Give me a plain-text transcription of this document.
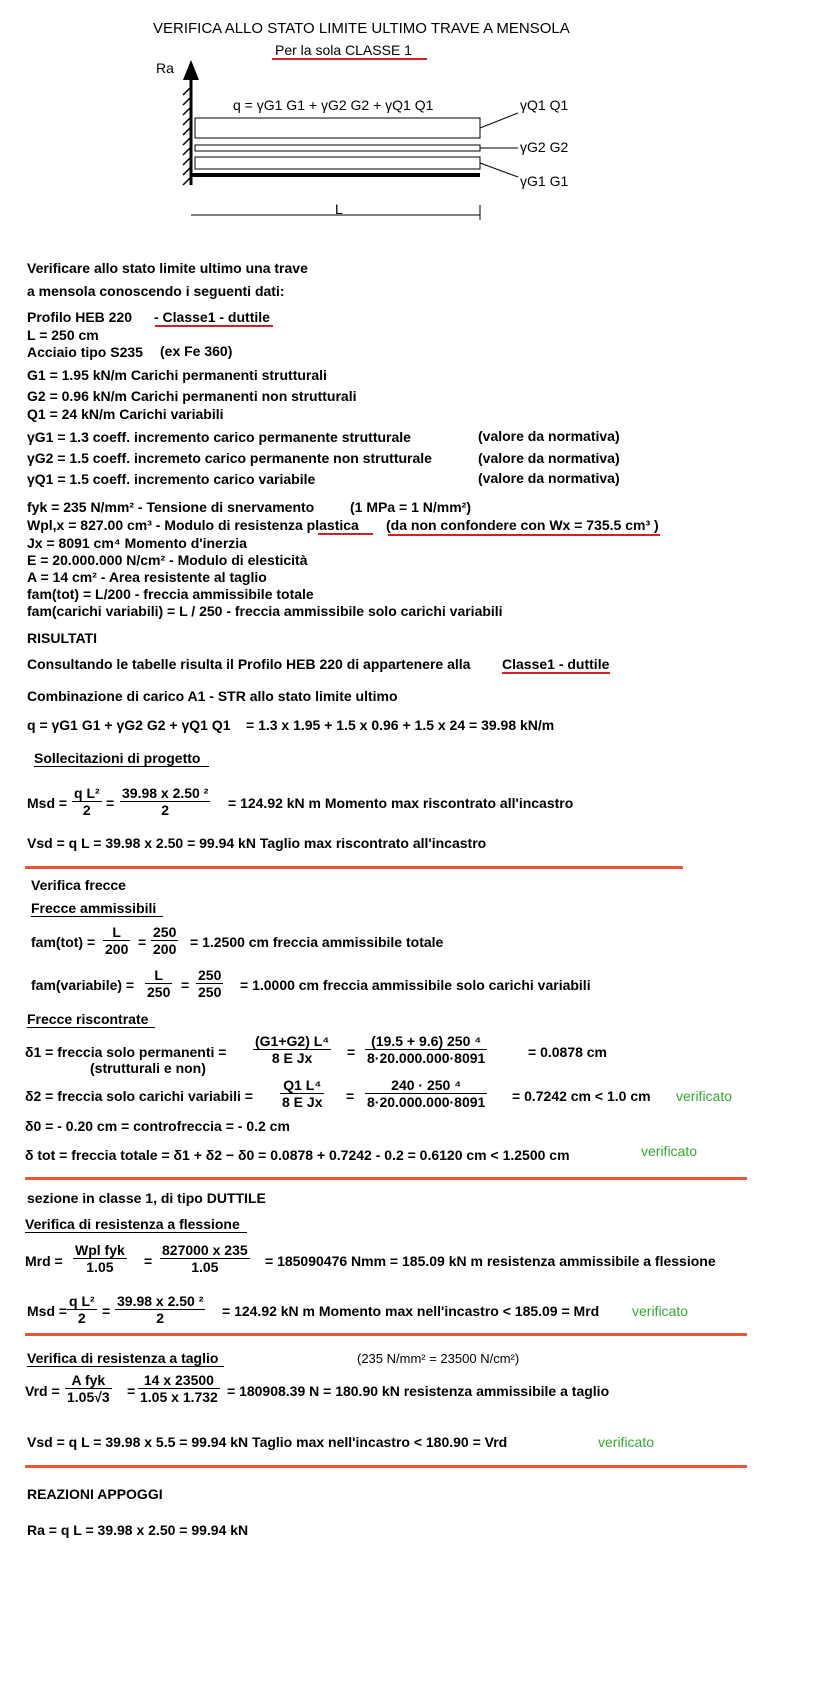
VERIFICA ALLO STATO LIMITE ULTIMO TRAVE A MENSOLA
Per la sola CLASSE 1
Ra
q = γG1 G1 + γG2 G2 + γQ1 Q1	γQ1 Q1
γG2 G2
γG1 G1
L
Verificare allo stato limite ultimo una trave
a mensola conoscendo i seguenti dati:
Profilo HEB 220 - Classe1 - duttile
L = 250 cm
Acciaio tipo S235 (ex Fe 360)
G1 = 1.95 kN/m Carichi permanenti strutturali
G2 = 0.96 kN/m Carichi permanenti non strutturali
Q1 = 24 kN/m Carichi variabili
γG1 = 1.3 coeff. incremento carico permanente strutturale	(valore da normativa)
γG2 = 1.5 coeff. incremeto carico permanente non strutturale	(valore da normativa)
γQ1 = 1.5 coeff. incremento carico variabile	(valore da normativa)
fyk = 235 N/mm² - Tensione di snervamento	(1 MPa = 1 N/mm²)
Wpl,x = 827.00 cm³ - Modulo di resistenza plastica (da non confondere con Wx = 735.5 cm³ )
Jx = 8091 cm⁴ Momento d'inerzia
E = 20.000.000 N/cm² - Modulo di elesticità
A = 14 cm² - Area resistente al taglio
fam(tot) = L/200 - freccia ammissibile totale
fam(carichi variabili) = L / 250 - freccia ammissibile solo carichi variabili
RISULTATI
Consultando le tabelle risulta il Profilo HEB 220 di appartenere alla Classe1 - duttile
Combinazione di carico A1 - STR allo stato limite ultimo
q = γG1 G1 + γG2 G2 + γQ1 Q1 = 1.3 x 1.95 + 1.5 x 0.96 + 1.5 x 24 = 39.98 kN/m
Sollecitazioni di progetto
Msd = $\frac{\text{q L²}}{2} = \frac{\text{39.98 x 2.50 ²}}{2} = 124.92$ kN m Momento max riscontrato all'incastro
Vsd = q L = 39.98 x 2.50 = 99.94 kN Taglio max riscontrato all'incastro
Verifica frecce
Frecce ammissibili
$fam(tot) = \frac{L}{200} = \frac{250}{200} = 1.2500$ cm freccia ammissibile totale
fam(variabile) = $\frac{L}{250} = \frac{250}{250} = 1.0000$ cm freccia ammissibile solo carichi variabili
Frecce riscontrate
δ1 = freccia solo permanenti =
(strutturali e non)
$\frac{\text{(G1+G2) L⁴}}{\text{8 E Jx}} = \frac{\text{(19.5 + 9.6) 250 ⁴}}{8\cdot 20.000.000\cdot 8091}$	= 0.0878 cm
δ2 = freccia solo carichi variabili = $\frac{\text{Q1 L⁴}}{\text{8 E Jx}} = \frac{\text{240 · 250 ⁴}}{8\cdot 20.000.000\cdot 8091} = 0.7242$ cm < 1.0 cm verificato
δ0 = - 0.20 cm = controfreccia = - 0.2 cm
δ tot = freccia totale = δ1 + δ2 − δ0 = 0.0878 + 0.7242 - 0.2 = 0.6120 cm < 1.2500 cm	verificato
sezione in classe 1, di tipo DUTTILE
Verifica di resistenza a flessione
Mrd =
Wpl fyk
1.05	= $\frac{827000 x 235}{1.05} = 185090476$ Nmm = 185.09 kN m resistenza ammissibile a flessione
Msd = $\frac{\text{q L²}}{2} = \frac{\text{39.98 x 2.50 ²}}{2} = 124.92$ kN m Momento max nell'incastro < 185.09 = Mrd verificato
Verifica di resistenza a taglio	(235 N/mm² = 23500 N/cm²)
Vrd =
A fyk
$1.05√3 = \frac{14 x 23500}{1.05 x 1.732} = 180908.39$ N = 180.90 kN resistenza ammissibile a taglio
Vsd = q L = 39.98 x 5.5 = 99.94 kN Taglio max nell'incastro < 180.90 = Vrd	verificato
REAZIONI APPOGGI
Ra = q L = 39.98 x 2.50 = 99.94 kN
